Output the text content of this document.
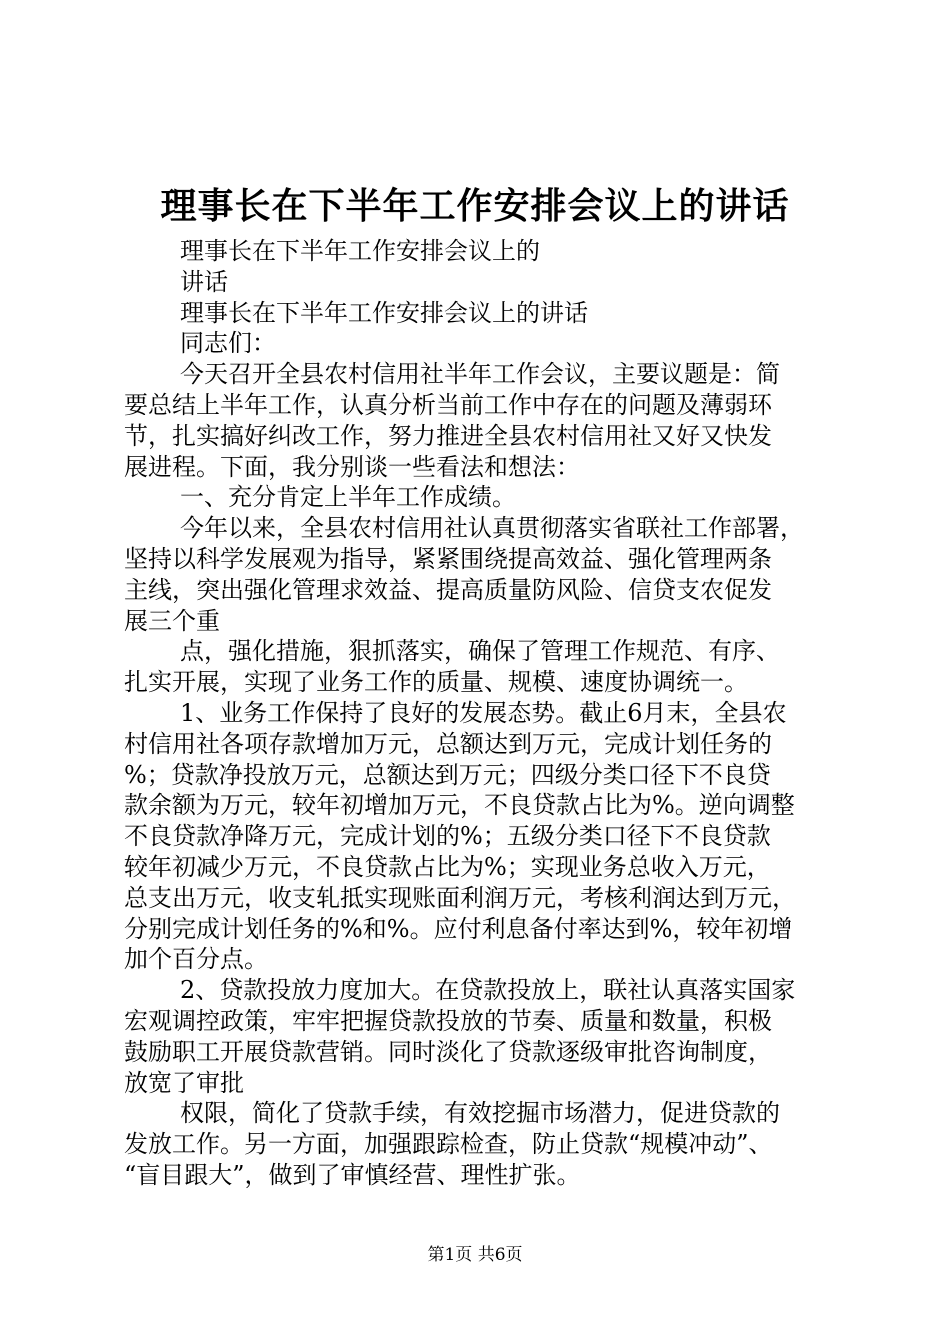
理事长在下半年工作安排会议上的讲话
理事长在下半年工作安排会议上的
讲话
理事长在下半年工作安排会议上的讲话
同志们：
今天召开全县农村信用社半年工作会议，主要议题是：简
要总结上半年工作，认真分析当前工作中存在的问题及薄弱环
节，扎实搞好纠改工作，努力推进全县农村信用社又好又快发
展进程。下面，我分别谈一些看法和想法：
一、充分肯定上半年工作成绩。
今年以来，全县农村信用社认真贯彻落实省联社工作部署，
坚持以科学发展观为指导，紧紧围绕提高效益、强化管理两条
主线，突出强化管理求效益、提高质量防风险、信贷支农促发
展三个重
点，强化措施，狠抓落实，确保了管理工作规范、有序、
扎实开展，实现了业务工作的质量、规模、速度协调统一。
1、业务工作保持了良好的发展态势。截止6月末，全县农
村信用社各项存款增加万元，总额达到万元，完成计划任务的
%；贷款净投放万元，总额达到万元；四级分类口径下不良贷
款余额为万元，较年初增加万元，不良贷款占比为%。逆向调整
不良贷款净降万元，完成计划的%；五级分类口径下不良贷款
较年初减少万元，不良贷款占比为%；实现业务总收入万元，
总支出万元，收支轧抵实现账面利润万元，考核利润达到万元，
分别完成计划任务的%和%。应付利息备付率达到%，较年初增
加个百分点。
2、贷款投放力度加大。在贷款投放上，联社认真落实国家
宏观调控政策，牢牢把握贷款投放的节奏、质量和数量，积极
鼓励职工开展贷款营销。同时淡化了贷款逐级审批咨询制度，
放宽了审批
权限，简化了贷款手续，有效挖掘市场潜力，促进贷款的
发放工作。另一方面，加强跟踪检查，防止贷款“规模冲动”、
“盲目跟大”，做到了审慎经营、理性扩张。
第1页 共6页
